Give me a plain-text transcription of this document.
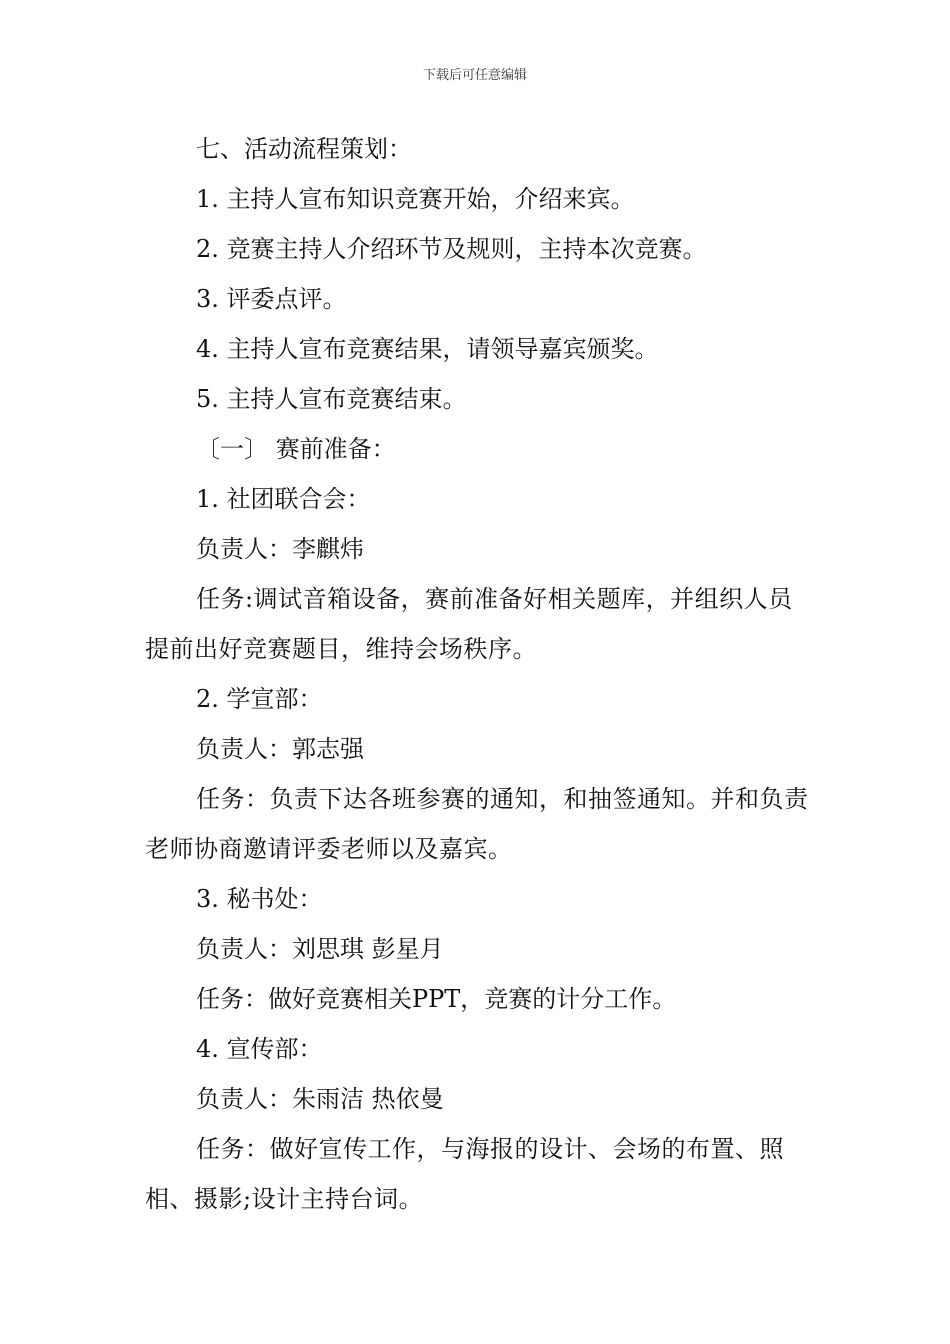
下载后可任意编辑

七、活动流程策划：

1. 主持人宣布知识竞赛开始，介绍来宾。

2. 竞赛主持人介绍环节及规则，主持本次竞赛。

3. 评委点评。

4. 主持人宣布竞赛结果，请领导嘉宾颁奖。

5. 主持人宣布竞赛结束。

〔一〕 赛前准备：

1. 社团联合会：

负责人：李麒炜

任务:调试音箱设备，赛前准备好相关题库，并组织人员提前出好竞赛题目，维持会场秩序。

2. 学宣部：

负责人：郭志强

任务：负责下达各班参赛的通知，和抽签通知。并和负责老师协商邀请评委老师以及嘉宾。

3. 秘书处：

负责人：刘思琪 彭星月

任务：做好竞赛相关PPT，竞赛的计分工作。

4. 宣传部：

负责人：朱雨洁 热依曼

任务：做好宣传工作，与海报的设计、会场的布置、照相、摄影;设计主持台词。
